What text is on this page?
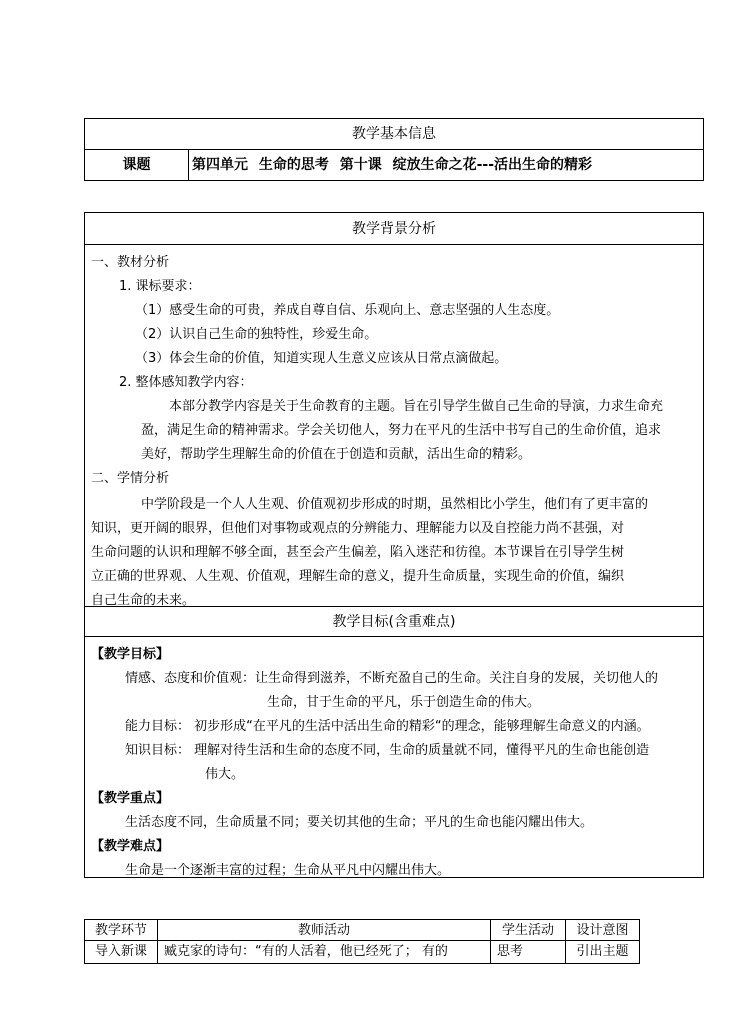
教学基本信息
课题	第四单元 生命的思考 第十课 绽放生命之花---活出生命的精彩
教学背景分析
一、教材分析
1. 课标要求：
（1）感受生命的可贵，养成自尊自信、乐观向上、意志坚强的人生态度。
（2）认识自己生命的独特性，珍爱生命。
（3）体会生命的价值，知道实现人生意义应该从日常点滴做起。
2. 整体感知教学内容：
本部分教学内容是关于生命教育的主题。旨在引导学生做自己生命的导演，力求生命充
盈，满足生命的精神需求。学会关切他人，努力在平凡的生活中书写自己的生命价值，追求
美好，帮助学生理解生命的价值在于创造和贡献，活出生命的精彩。
二、学情分析
中学阶段是一个人人生观、价值观初步形成的时期，虽然相比小学生，他们有了更丰富的
知识，更开阔的眼界，但他们对事物或观点的分辨能力、理解能力以及自控能力尚不甚强，对
生命问题的认识和理解不够全面，甚至会产生偏差，陷入迷茫和彷徨。本节课旨在引导学生树
立正确的世界观、人生观、价值观，理解生命的意义，提升生命质量，实现生命的价值，编织
自己生命的未来。
教学目标(含重难点)
【教学目标】
情感、态度和价值观：让生命得到滋养，不断充盈自己的生命。关注自身的发展，关切他人的
生命，甘于生命的平凡，乐于创造生命的伟大。
能力目标： 初步形成“在平凡的生活中活出生命的精彩“的理念，能够理解生命意义的内涵。
知识目标： 理解对待生活和生命的态度不同，生命的质量就不同，懂得平凡的生命也能创造
伟大。
【教学重点】
生活态度不同，生命质量不同；要关切其他的生命；平凡的生命也能闪耀出伟大。
【教学难点】
生命是一个逐渐丰富的过程；生命从平凡中闪耀出伟大。
教学环节	教师活动	学生活动	设计意图
导入新课	臧克家的诗句：“有的人活着，他已经死了； 有的	思考	引出主题
